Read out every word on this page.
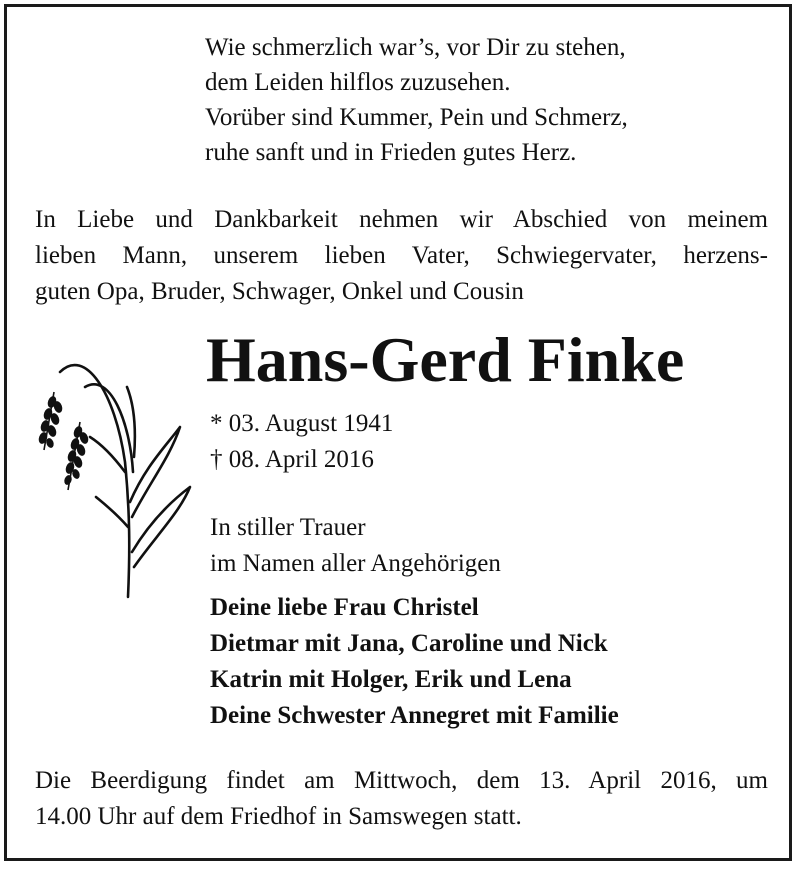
Wie schmerzlich war’s, vor Dir zu stehen,
dem Leiden hilflos zuzusehen.
Vorüber sind Kummer, Pein und Schmerz,
ruhe sanft und in Frieden gutes Herz.
In Liebe und Dankbarkeit nehmen wir Abschied von meinem
lieben Mann, unserem lieben Vater, Schwiegervater, herzens-
guten Opa, Bruder, Schwager, Onkel und Cousin
Hans-Gerd Finke
* 03. August 1941
† 08. April 2016
In stiller Trauer
im Namen aller Angehörigen
Deine liebe Frau Christel
Dietmar mit Jana, Caroline und Nick
Katrin mit Holger, Erik und Lena
Deine Schwester Annegret mit Familie
Die Beerdigung findet am Mittwoch, dem 13. April 2016, um
14.00 Uhr auf dem Friedhof in Samswegen statt.
